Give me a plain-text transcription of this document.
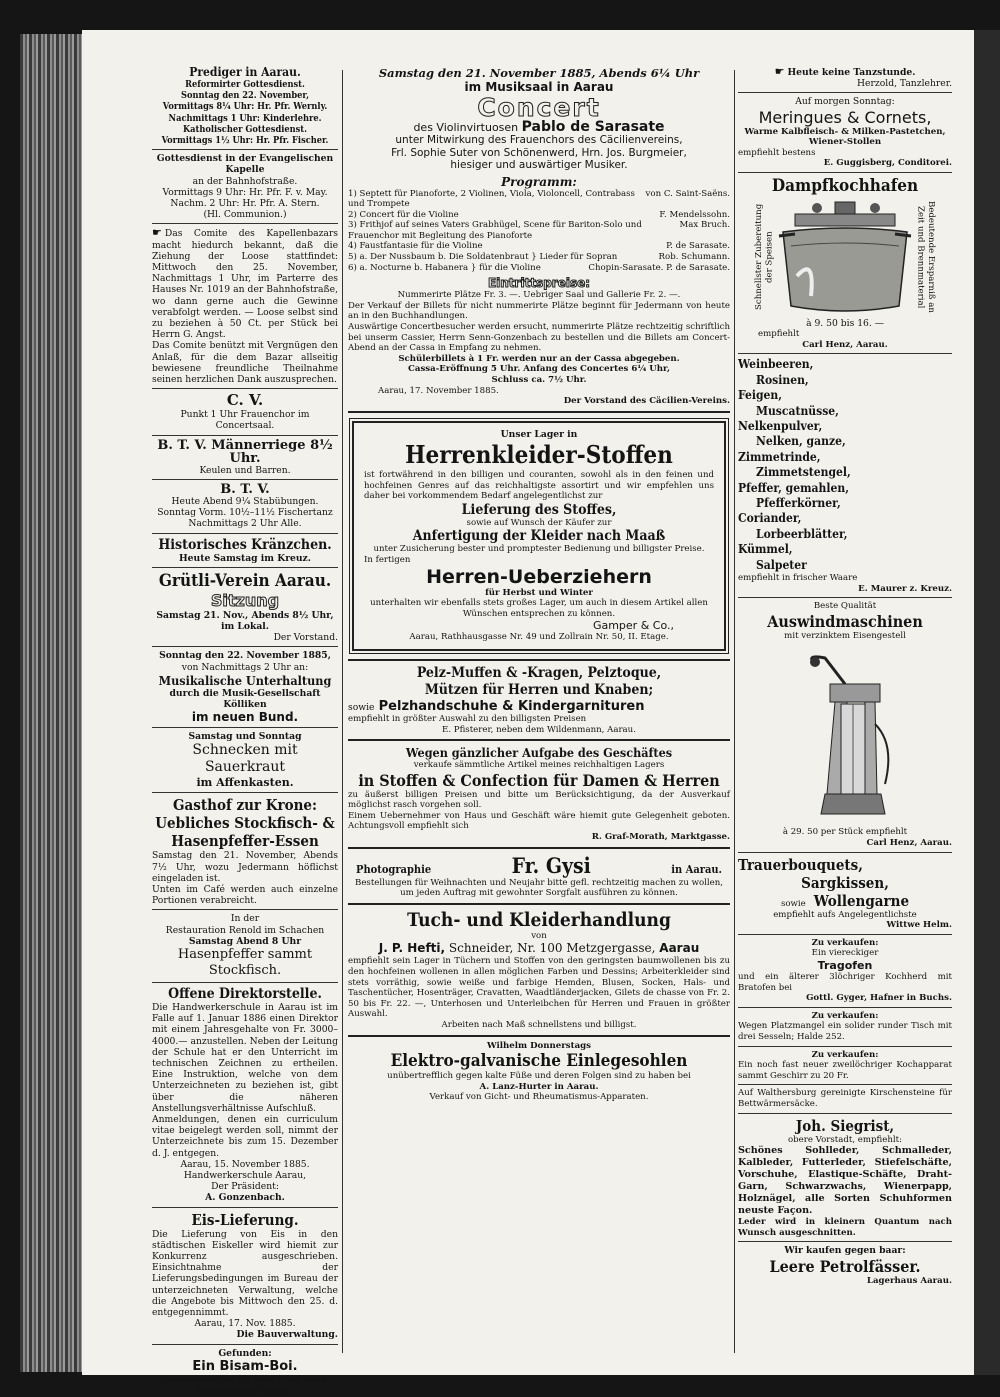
Prediger in Aarau.
Reformirter Gottesdienst.
Sonntag den 22. November,
Vormittags 8¼ Uhr: Hr. Pfr. Wernly.
Nachmittags 1 Uhr: Kinderlehre.
Katholischer Gottesdienst.
Vormittags 1½ Uhr: Hr. Pfr. Fischer.
Gottesdienst in der Evangelischen Kapelle
an der Bahnhofstraße.
Vormittags 9 Uhr: Hr. Pfr. F. v. May.
Nachm. 2 Uhr: Hr. Pfr. A. Stern.
(Hl. Communion.)
☛ Das Comite des Kapellenbazars macht hiedurch bekannt, daß die Ziehung der Loose stattfindet: Mittwoch den 25. November, Nachmittags 1 Uhr, im Parterre des Hauses Nr. 1019 an der Bahnhofstraße, wo dann gerne auch die Gewinne verabfolgt werden. — Loose selbst sind zu beziehen à 50 Ct. per Stück bei Herrn G. Angst.
Das Comite benützt mit Vergnügen den Anlaß, für die dem Bazar allseitig bewiesene freundliche Theilnahme seinen herzlichen Dank auszusprechen.
C. V.
Punkt 1 Uhr Frauenchor im Concertsaal.
B. T. V. Männerriege 8½ Uhr.
Keulen und Barren.
B. T. V.
Heute Abend 9¼ Stabübungen.
Sonntag Vorm. 10½–11½ Fischertanz
Nachmittags 2 Uhr Alle.
Historisches Kränzchen.
Heute Samstag im Kreuz.
Grütli-Verein Aarau.
Sitzung
Samstag 21. Nov., Abends 8½ Uhr,
im Lokal.
Der Vorstand.
Sonntag den 22. November 1885,
von Nachmittags 2 Uhr an:
Musikalische Unterhaltung
durch die Musik-Gesellschaft Kölliken
im neuen Bund.
Samstag und Sonntag
Schnecken mit Sauerkraut
im Affenkasten.
Gasthof zur Krone:
Uebliches Stockfisch- &
Hasenpfeffer-Essen
Samstag den 21. November, Abends 7½ Uhr, wozu Jedermann höflichst eingeladen ist.
Unten im Café werden auch einzelne Portionen verabreicht.
In der
Restauration Renold im Schachen
Samstag Abend 8 Uhr
Hasenpfeffer sammt Stockfisch.
Offene Direktorstelle.
Die Handwerkerschule in Aarau ist im Falle auf 1. Januar 1886 einen Direktor mit einem Jahresgehalte von Fr. 3000–4000.— anzustellen. Neben der Leitung der Schule hat er den Unterricht im technischen Zeichnen zu ertheilen. Eine Instruktion, welche von dem Unterzeichneten zu beziehen ist, gibt über die näheren Anstellungsverhältnisse Aufschluß.
Anmeldungen, denen ein curriculum vitae beigelegt werden soll, nimmt der Unterzeichnete bis zum 15. Dezember d. J. entgegen.
Aarau, 15. November 1885.
Handwerkerschule Aarau,
Der Präsident:
A. Gonzenbach.
Eis-Lieferung.
Die Lieferung von Eis in den städtischen Eiskeller wird hiemit zur Konkurrenz ausgeschrieben. Einsichtnahme der Lieferungsbedingungen im Bureau der unterzeichneten Verwaltung, welche die Angebote bis Mittwoch den 25. d. entgegennimmt.
Aarau, 17. Nov. 1885.
Die Bauverwaltung.
Gefunden:
Ein Bisam-Boi.
Anmeldung bis 27. Nov. 1885 beim
Bezirksamt Aarau.
Samstag den 21. November 1885, Abends 6¼ Uhr
im Musiksaal in Aarau
Concert
des Violinvirtuosen Pablo de Sarasate
unter Mitwirkung des Frauenchors des Cäcilienvereins,
Frl. Sophie Suter von Schönenwerd, Hrn. Jos. Burgmeier,
hiesiger und auswärtiger Musiker.
Programm:
1) Septett für Pianoforte, 2 Violinen, Viola, Violoncell, Contrabass und Trompete
von C. Saint-Saëns.
2) Concert für die Violine	F. Mendelssohn.
3) Frithjof auf seines Vaters Grabhügel, Scene für Bariton-Solo und Frauenchor mit Begleitung des Pianoforte
Max Bruch.
4) Faustfantasie für die Violine	P. de Sarasate.
5) a. Der Nussbaum b. Die Soldatenbraut } Lieder für Sopran	Rob. Schumann.
6) a. Nocturne b. Habanera } für die Violine	Chopin-Sarasate. P. de Sarasate.
Eintrittspreise:
Nummerirte Plätze Fr. 3. —. Uebriger Saal und Gallerie Fr. 2. —.
Der Verkauf der Billets für nicht nummerirte Plätze beginnt für Jedermann von heute an in den Buchhandlungen.
Auswärtige Concertbesucher werden ersucht, nummerirte Plätze rechtzeitig schriftlich bei unserm Cassier, Herrn Senn-Gonzenbach zu bestellen und die Billets am Concert-Abend an der Cassa in Empfang zu nehmen.
Schülerbillets à 1 Fr. werden nur an der Cassa abgegeben.
Cassa-Eröffnung 5 Uhr. Anfang des Concertes 6¼ Uhr,
Schluss ca. 7½ Uhr.
Aarau, 17. November 1885.
Der Vorstand des Cäcilien-Vereins.
Unser Lager in
Herrenkleider-Stoffen
ist fortwährend in den billigen und couranten, sowohl als in den feinen und hochfeinen Genres auf das reichhaltigste assortirt und wir empfehlen uns daher bei vorkommendem Bedarf angelegentlichst zur
Lieferung des Stoffes,
sowie auf Wunsch der Käufer zur
Anfertigung der Kleider nach Maaß
unter Zusicherung bester und promptester Bedienung und billigster Preise.
In fertigen
Herren-Ueberziehern
für Herbst und Winter
unterhalten wir ebenfalls stets großes Lager, um auch in diesem Artikel allen Wünschen entsprechen zu können.
Gamper & Co.,
Aarau, Rathhausgasse Nr. 49 und Zollrain Nr. 50, II. Etage.
Pelz-Muffen & -Kragen, Pelztoque,
Mützen für Herren und Knaben;
sowie Pelzhandschuhe & Kindergarnituren
empfiehlt in größter Auswahl zu den billigsten Preisen
E. Pfisterer, neben dem Wildenmann, Aarau.
Wegen gänzlicher Aufgabe des Geschäftes
verkaufe sämmtliche Artikel meines reichhaltigen Lagers
in Stoffen & Confection für Damen & Herren
zu äußerst billigen Preisen und bitte um Berücksichtigung, da der Ausverkauf möglichst rasch vorgehen soll.
Einem Uebernehmer von Haus und Geschäft wäre hiemit gute Gelegenheit geboten. Achtungsvoll empfiehlt sich
R. Graf-Morath, Marktgasse.
Photographie	Fr. Gysi	in Aarau.
Bestellungen für Weihnachten und Neujahr bitte gefl. rechtzeitig machen zu wollen, um jeden Auftrag mit gewohnter Sorgfalt ausführen zu können.
Tuch- und Kleiderhandlung
von
J. P. Hefti, Schneider, Nr. 100 Metzgergasse, Aarau
empfiehlt sein Lager in Tüchern und Stoffen von den geringsten baumwollenen bis zu den hochfeinen wollenen in allen möglichen Farben und Dessins; Arbeiterkleider sind stets vorräthig, sowie weiße und farbige Hemden, Blusen, Socken, Hals- und Taschentücher, Hosenträger, Cravatten, Waadtländerjacken, Gilets de chasse von Fr. 2. 50 bis Fr. 22. —, Unterhosen und Unterleibchen für Herren und Frauen in größter Auswahl.
Arbeiten nach Maß schnellstens und billigst.
Wilhelm Donnerstags
Elektro-galvanische Einlegesohlen
unübertrefflich gegen kalte Füße und deren Folgen sind zu haben bei
A. Lanz-Hurter in Aarau.
Verkauf von Gicht- und Rheumatismus-Apparaten.
☛ Heute keine Tanzstunde.
Herzold, Tanzlehrer.
Auf morgen Sonntag:
Meringues & Cornets,
Warme Kalbfleisch- & Milken-Pastetchen, Wiener-Stollen
empfiehlt bestens
E. Guggisberg, Conditorei.
Dampfkochhafen
Schnellster Zubereitung der Speisen	Bedeutende Ersparniß an Zeit und Brennmaterial
à 9. 50 bis 16. —
empfiehlt
Carl Henz, Aarau.
Weinbeeren,
Rosinen,
Feigen,
Muscatnüsse,
Nelkenpulver,
Nelken, ganze,
Zimmetrinde,
Zimmetstengel,
Pfeffer, gemahlen,
Pfefferkörner,
Coriander,
Lorbeerblätter,
Kümmel,
Salpeter
empfiehlt in frischer Waare
E. Maurer z. Kreuz.
Beste Qualität
Auswindmaschinen
mit verzinktem Eisengestell
à 29. 50 per Stück empfiehlt
Carl Henz, Aarau.
Trauerbouquets,
Sargkissen,
sowie Wollengarne
empfiehlt aufs Angelegentlichste
Wittwe Helm.
Zu verkaufen:
Ein viereckiger
Tragofen
und ein älterer 3löchriger Kochherd mit Bratofen bei
Gottl. Gyger, Hafner in Buchs.
Zu verkaufen:
Wegen Platzmangel ein solider runder Tisch mit drei Sesseln; Halde 252.
Zu verkaufen:
Ein noch fast neuer zweilöchriger Kochapparat sammt Geschirr zu 20 Fr.
Auf Walthersburg gereinigte Kirschensteine für Bettwärmersäcke.
Joh. Siegrist,
obere Vorstadt, empfiehlt:
Schönes Sohlleder, Schmalleder, Kalbleder, Futterleder, Stiefelschäfte, Vorschuhe, Elastique-Schäfte, Draht- Garn, Schwarzwachs, Wienerpapp, Holznägel, alle Sorten Schuhformen neuste Façon.
Leder wird in kleinern Quantum nach Wunsch ausgeschnitten.
Wir kaufen gegen baar:
Leere Petrolfässer.
Lagerhaus Aarau.
